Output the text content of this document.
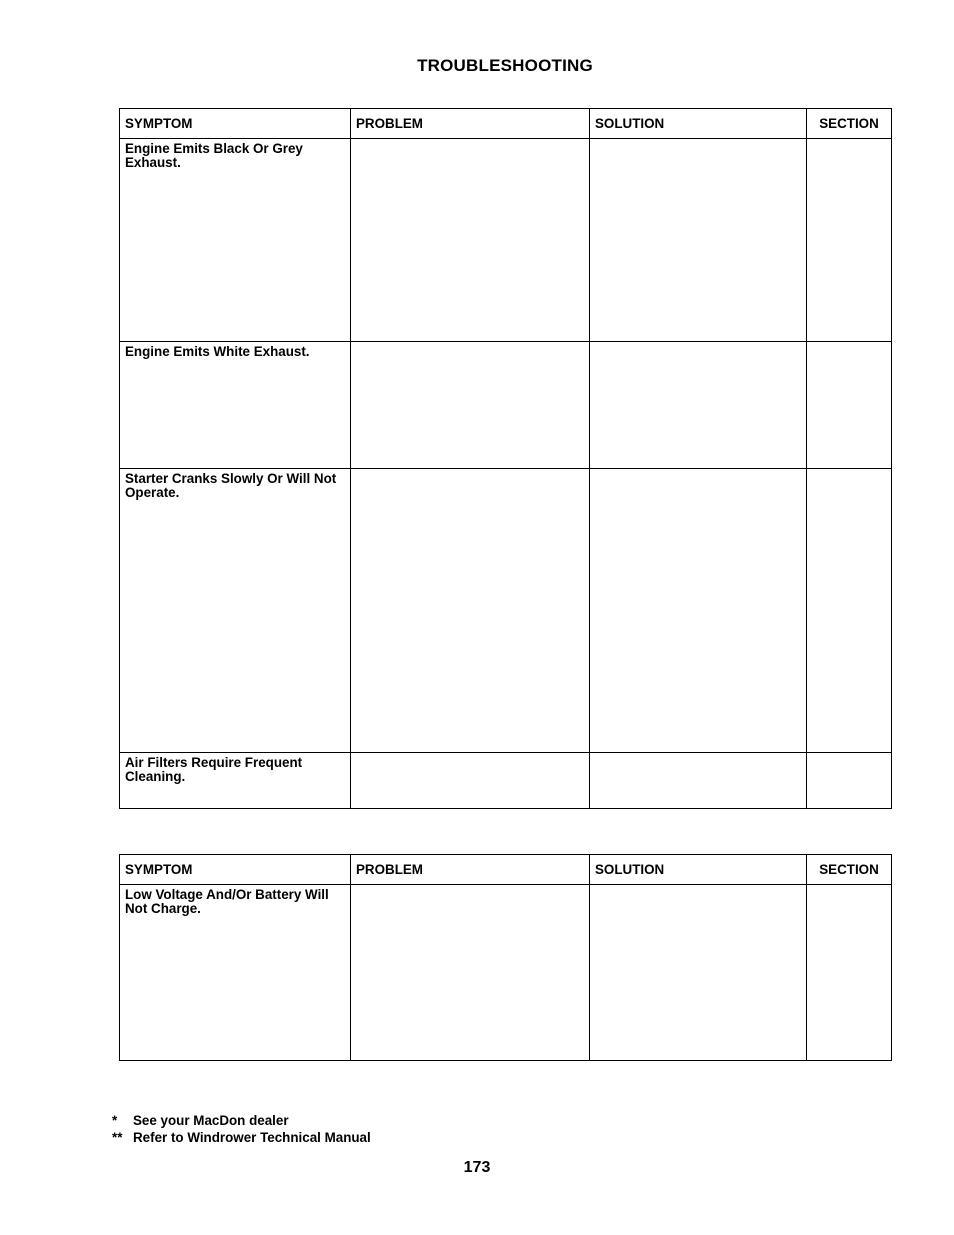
TROUBLESHOOTING
SYMPTOM	PROBLEM	SOLUTION	SECTION
Engine Emits Black Or Grey Exhaust.			
Engine Emits White Exhaust.			
Starter Cranks Slowly Or Will Not Operate.			
Air Filters Require Frequent Cleaning.			
SYMPTOM	PROBLEM	SOLUTION	SECTION
Low Voltage And/Or Battery Will Not Charge.			
* See your MacDon dealer
** Refer to Windrower Technical Manual
173
